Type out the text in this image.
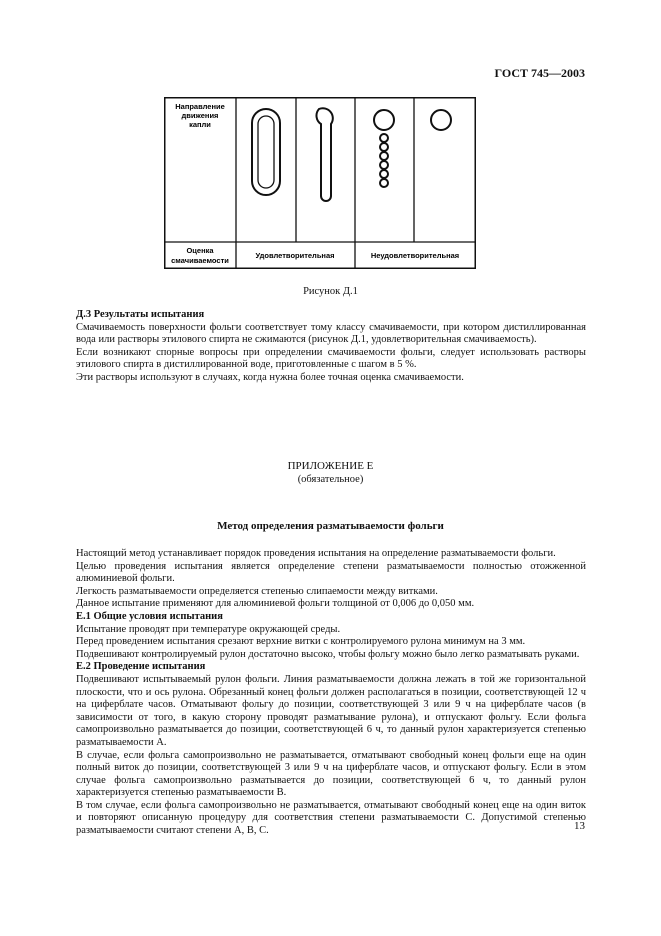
ГОСТ 745—2003
Направление
движения
капли
Оценка
смачиваемости
Удовлетворительная	Неудовлетворительная
Рисунок Д.1

Д.3 Результаты испытания

Смачиваемость поверхности фольги соответствует тому классу смачиваемости, при котором дистиллированная вода или растворы этилового спирта не сжимаются (рисунок Д.1, удовлетворительная смачиваемость).

Если возникают спорные вопросы при определении смачиваемости фольги, следует использовать растворы этилового спирта в дистиллированной воде, приготовленные с шагом в 5 %.

Эти растворы используют в случаях, когда нужна более точная оценка смачиваемости.

ПРИЛОЖЕНИЕ Е
(обязательное)
Метод определения разматываемости фольги

Настоящий метод устанавливает порядок проведения испытания на определение разматываемости фольги.

Целью проведения испытания является определение степени разматываемости полностью отожженной алюминиевой фольги.

Легкость разматываемости определяется степенью слипаемости между витками.

Данное испытание применяют для алюминиевой фольги толщиной от 0,006 до 0,050 мм.

Е.1 Общие условия испытания

Испытание проводят при температуре окружающей среды.

Перед проведением испытания срезают верхние витки с контролируемого рулона минимум на 3 мм.

Подвешивают контролируемый рулон достаточно высоко, чтобы фольгу можно было легко разматывать руками.

Е.2 Проведение испытания

Подвешивают испытываемый рулон фольги. Линия разматываемости должна лежать в той же горизонтальной плоскости, что и ось рулона. Обрезанный конец фольги должен располагаться в позиции, соответствующей 12 ч на циферблате часов. Отматывают фольгу до позиции, соответствующей 3 или 9 ч на циферблате часов (в зависимости от того, в какую сторону проводят разматывание рулона), и отпускают фольгу. Если фольга самопроизвольно разматывается до позиции, соответствующей 6 ч, то данный рулон характеризуется степенью разматываемости А.

В случае, если фольга самопроизвольно не разматывается, отматывают свободный конец фольги еще на один полный виток до позиции, соответствующей 3 или 9 ч на циферблате часов, и отпускают фольгу. Если в этом случае фольга самопроизвольно разматывается до позиции, соответствующей 6 ч, то данный рулон характеризуется степенью разматываемости В.

В том случае, если фольга самопроизвольно не разматывается, отматывают свободный конец еще на один виток и повторяют описанную процедуру для соответствия степени разматываемости С. Допустимой степенью разматываемости считают степени А, В, С.	13
